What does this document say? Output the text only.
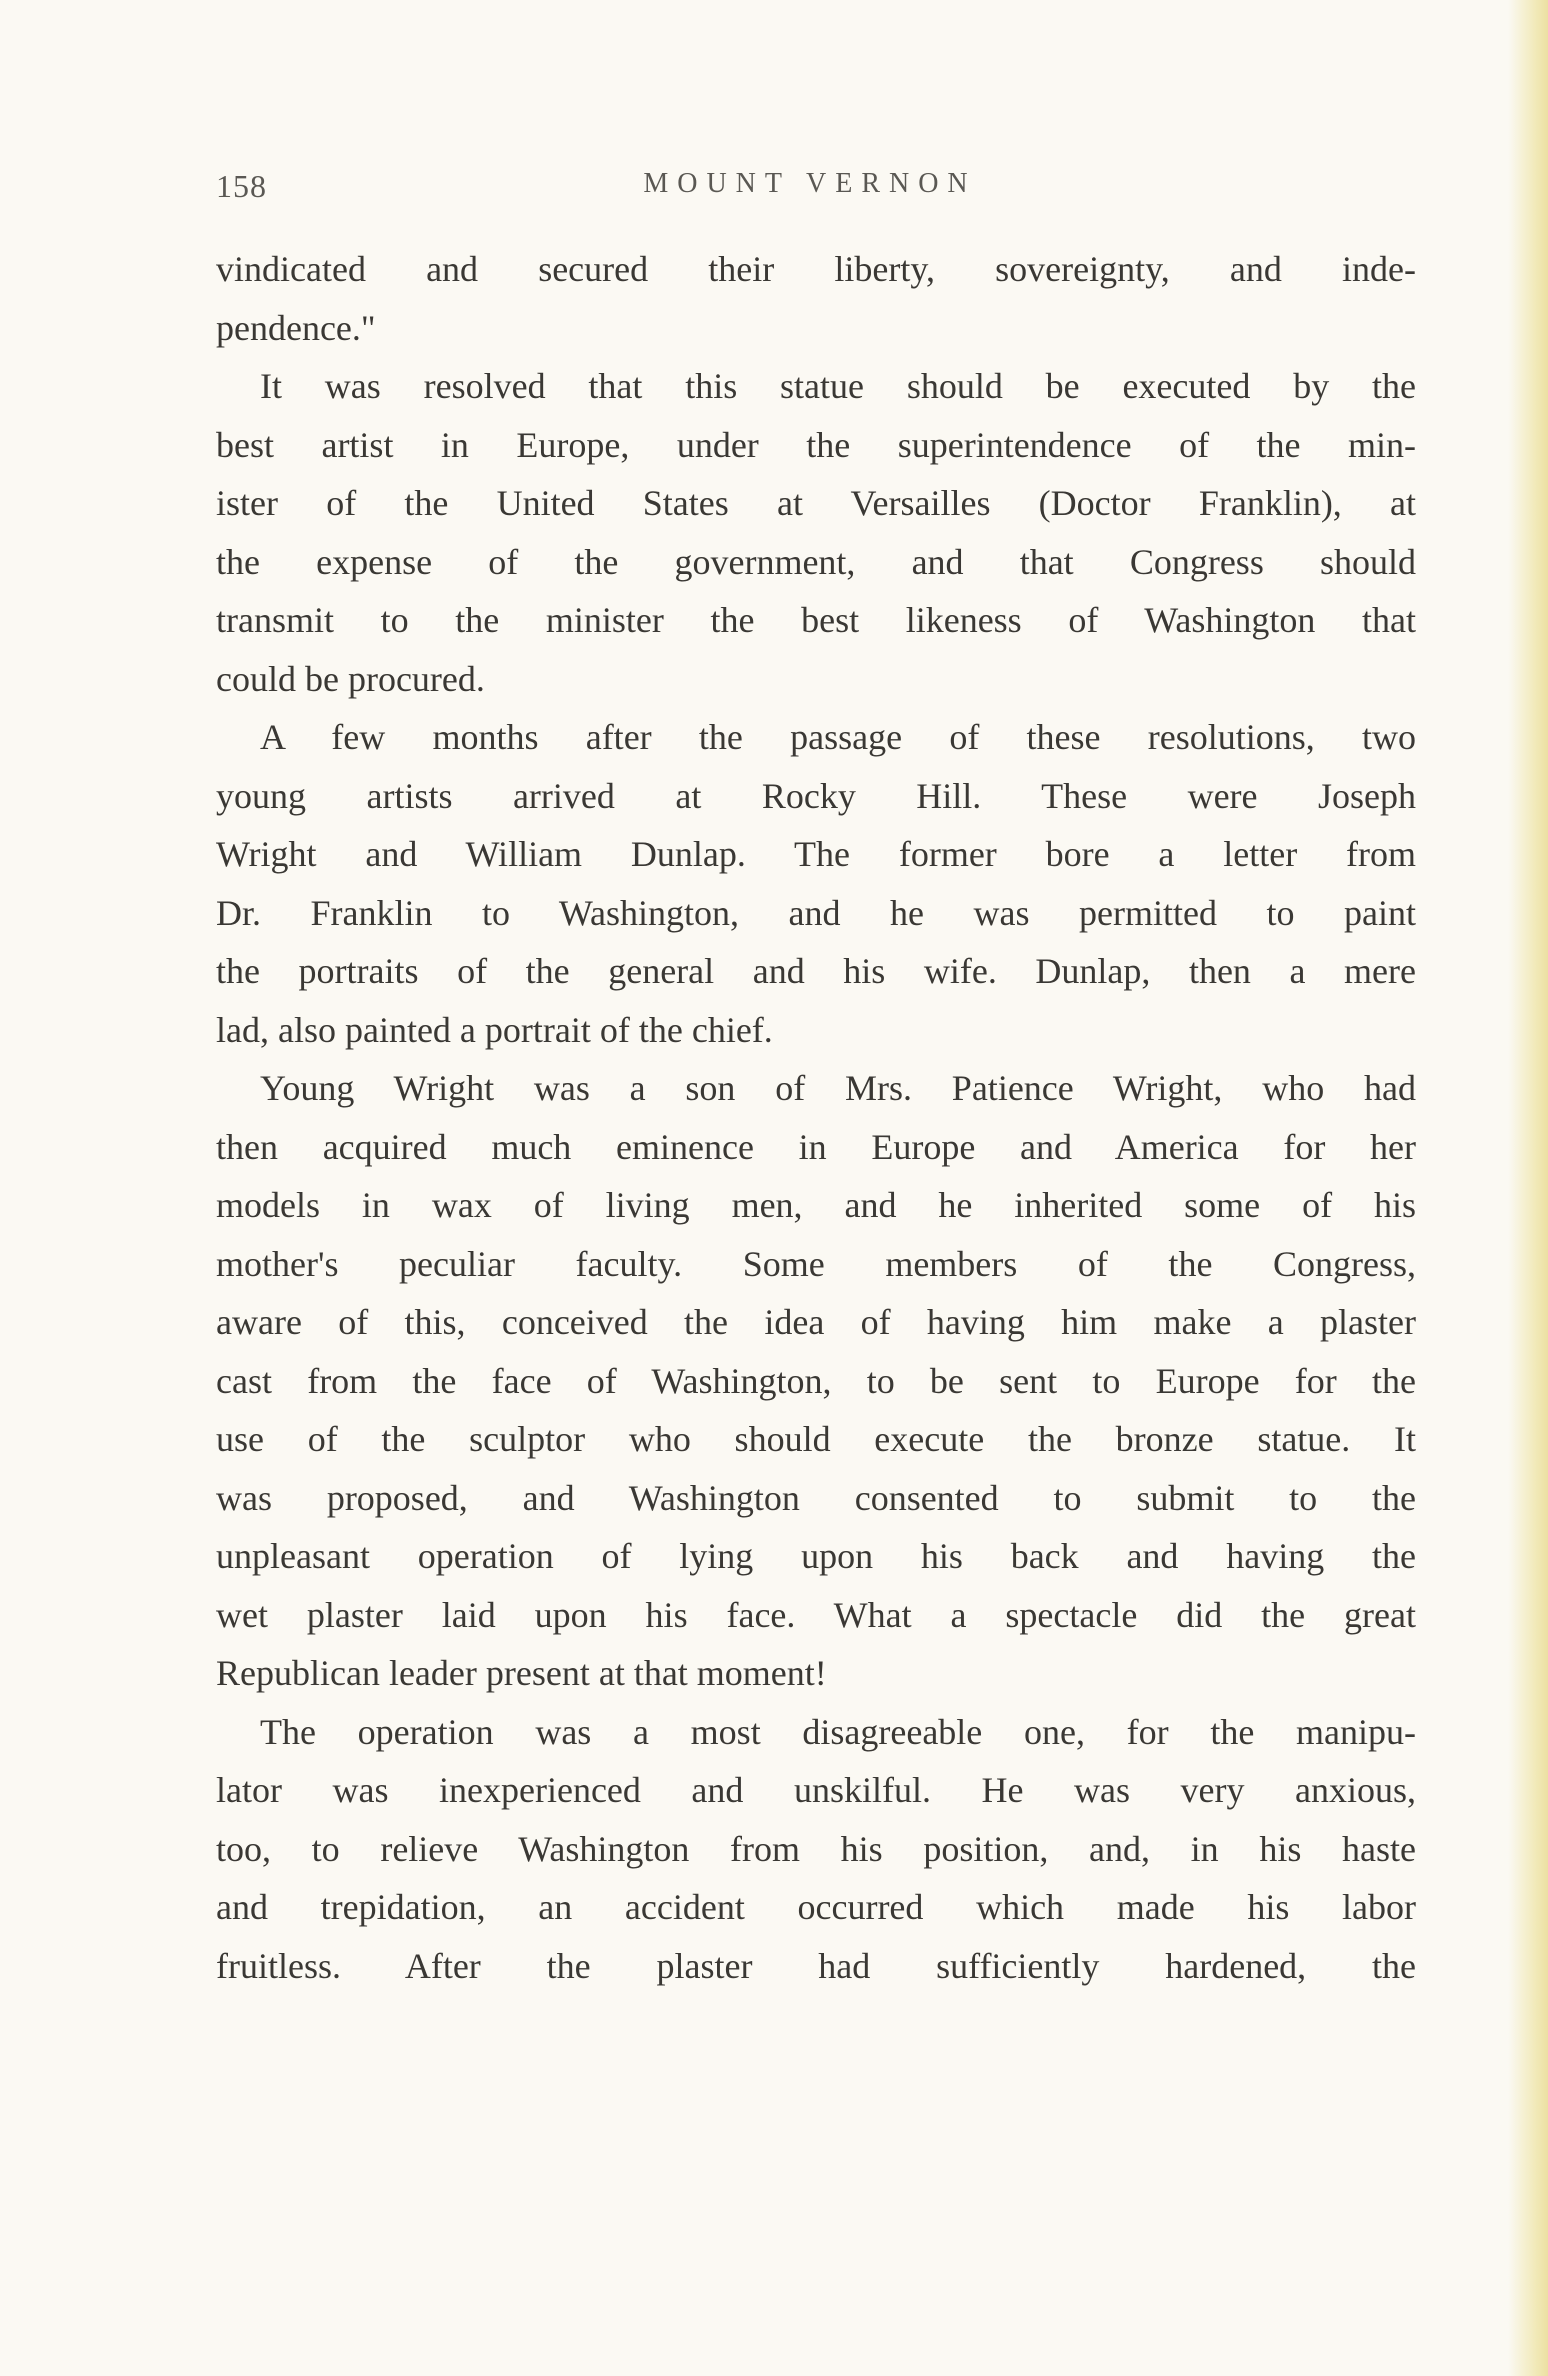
158	MOUNT VERNON
vindicated and secured their liberty, sovereignty, and inde-
pendence."
It was resolved that this statue should be executed by the
best artist in Europe, under the superintendence of the min-
ister of the United States at Versailles (Doctor Franklin), at
the expense of the government, and that Congress should
transmit to the minister the best likeness of Washington that
could be procured.
A few months after the passage of these resolutions, two
young artists arrived at Rocky Hill. These were Joseph
Wright and William Dunlap. The former bore a letter from
Dr. Franklin to Washington, and he was permitted to paint
the portraits of the general and his wife. Dunlap, then a mere
lad, also painted a portrait of the chief.
Young Wright was a son of Mrs. Patience Wright, who had
then acquired much eminence in Europe and America for her
models in wax of living men, and he inherited some of his
mother's peculiar faculty. Some members of the Congress,
aware of this, conceived the idea of having him make a plaster
cast from the face of Washington, to be sent to Europe for the
use of the sculptor who should execute the bronze statue. It
was proposed, and Washington consented to submit to the
unpleasant operation of lying upon his back and having the
wet plaster laid upon his face. What a spectacle did the great
Republican leader present at that moment!
The operation was a most disagreeable one, for the manipu-
lator was inexperienced and unskilful. He was very anxious,
too, to relieve Washington from his position, and, in his haste
and trepidation, an accident occurred which made his labor
fruitless. After the plaster had sufficiently hardened, the
